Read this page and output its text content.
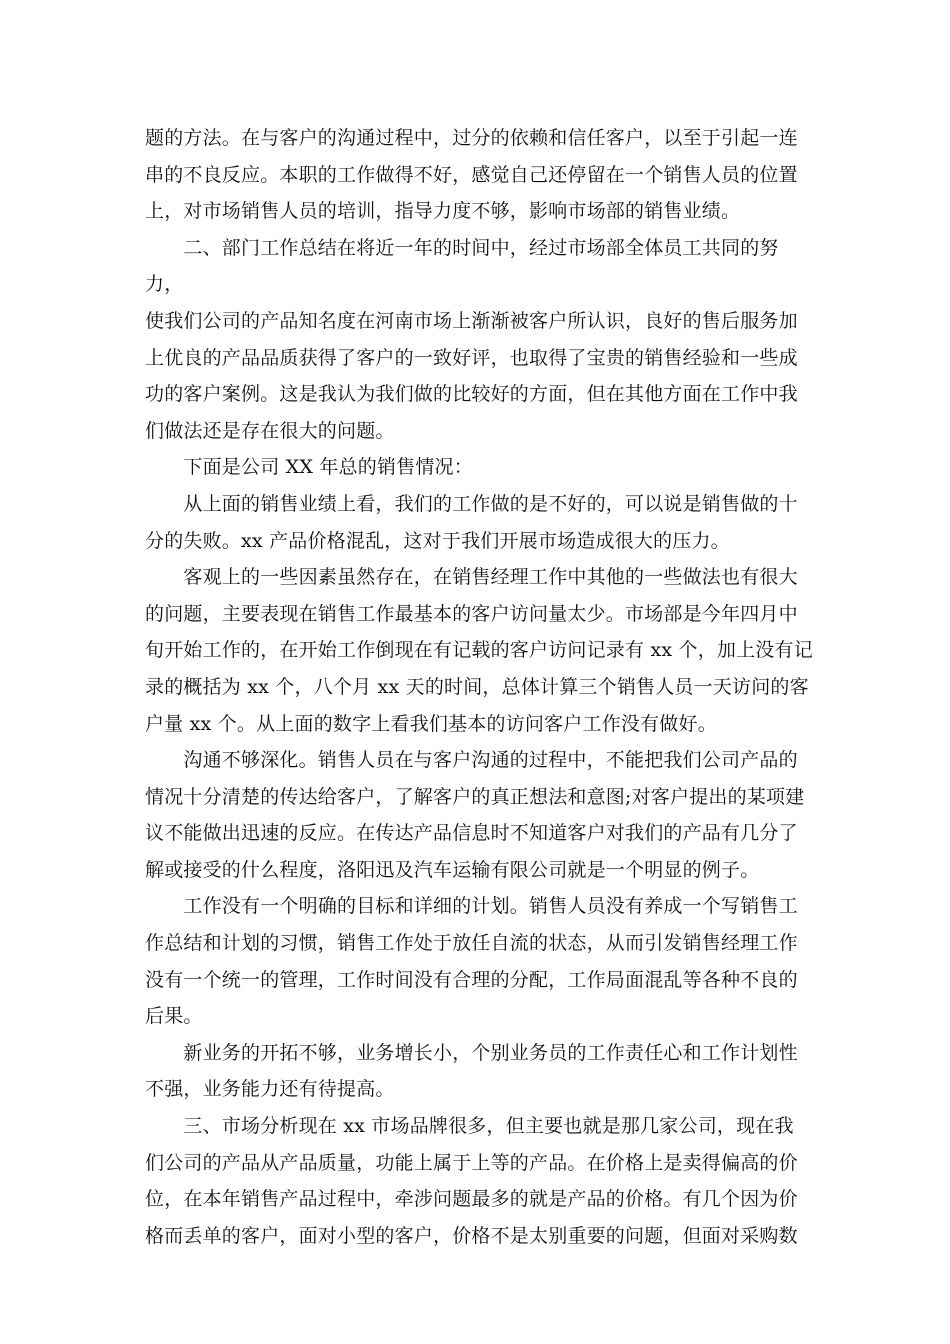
题的方法。在与客户的沟通过程中，过分的依赖和信任客户，以至于引起一连
串的不良反应。本职的工作做得不好，感觉自己还停留在一个销售人员的位置
上，对市场销售人员的培训，指导力度不够，影响市场部的销售业绩。

　　二、部门工作总结在将近一年的时间中，经过市场部全体员工共同的努力，
使我们公司的产品知名度在河南市场上渐渐被客户所认识，良好的售后服务加
上优良的产品品质获得了客户的一致好评，也取得了宝贵的销售经验和一些成
功的客户案例。这是我认为我们做的比较好的方面，但在其他方面在工作中我
们做法还是存在很大的问题。

　　下面是公司 XX 年总的销售情况：

　　从上面的销售业绩上看，我们的工作做的是不好的，可以说是销售做的十
分的失败。xx 产品价格混乱，这对于我们开展市场造成很大的压力。

　　客观上的一些因素虽然存在，在销售经理工作中其他的一些做法也有很大
的问题，主要表现在销售工作最基本的客户访问量太少。市场部是今年四月中
旬开始工作的，在开始工作倒现在有记载的客户访问记录有 xx 个，加上没有记
录的概括为 xx 个，八个月 xx 天的时间，总体计算三个销售人员一天访问的客
户量 xx 个。从上面的数字上看我们基本的访问客户工作没有做好。

　　沟通不够深化。销售人员在与客户沟通的过程中，不能把我们公司产品的
情况十分清楚的传达给客户，了解客户的真正想法和意图;对客户提出的某项建
议不能做出迅速的反应。在传达产品信息时不知道客户对我们的产品有几分了
解或接受的什么程度，洛阳迅及汽车运输有限公司就是一个明显的例子。

　　工作没有一个明确的目标和详细的计划。销售人员没有养成一个写销售工
作总结和计划的习惯，销售工作处于放任自流的状态，从而引发销售经理工作
没有一个统一的管理，工作时间没有合理的分配，工作局面混乱等各种不良的
后果。

　　新业务的开拓不够，业务增长小，个别业务员的工作责任心和工作计划性
不强，业务能力还有待提高。

　　三、市场分析现在 xx 市场品牌很多，但主要也就是那几家公司，现在我
们公司的产品从产品质量，功能上属于上等的产品。在价格上是卖得偏高的价
位，在本年销售产品过程中，牵涉问题最多的就是产品的价格。有几个因为价
格而丢单的客户，面对小型的客户，价格不是太别重要的问题，但面对采购数
